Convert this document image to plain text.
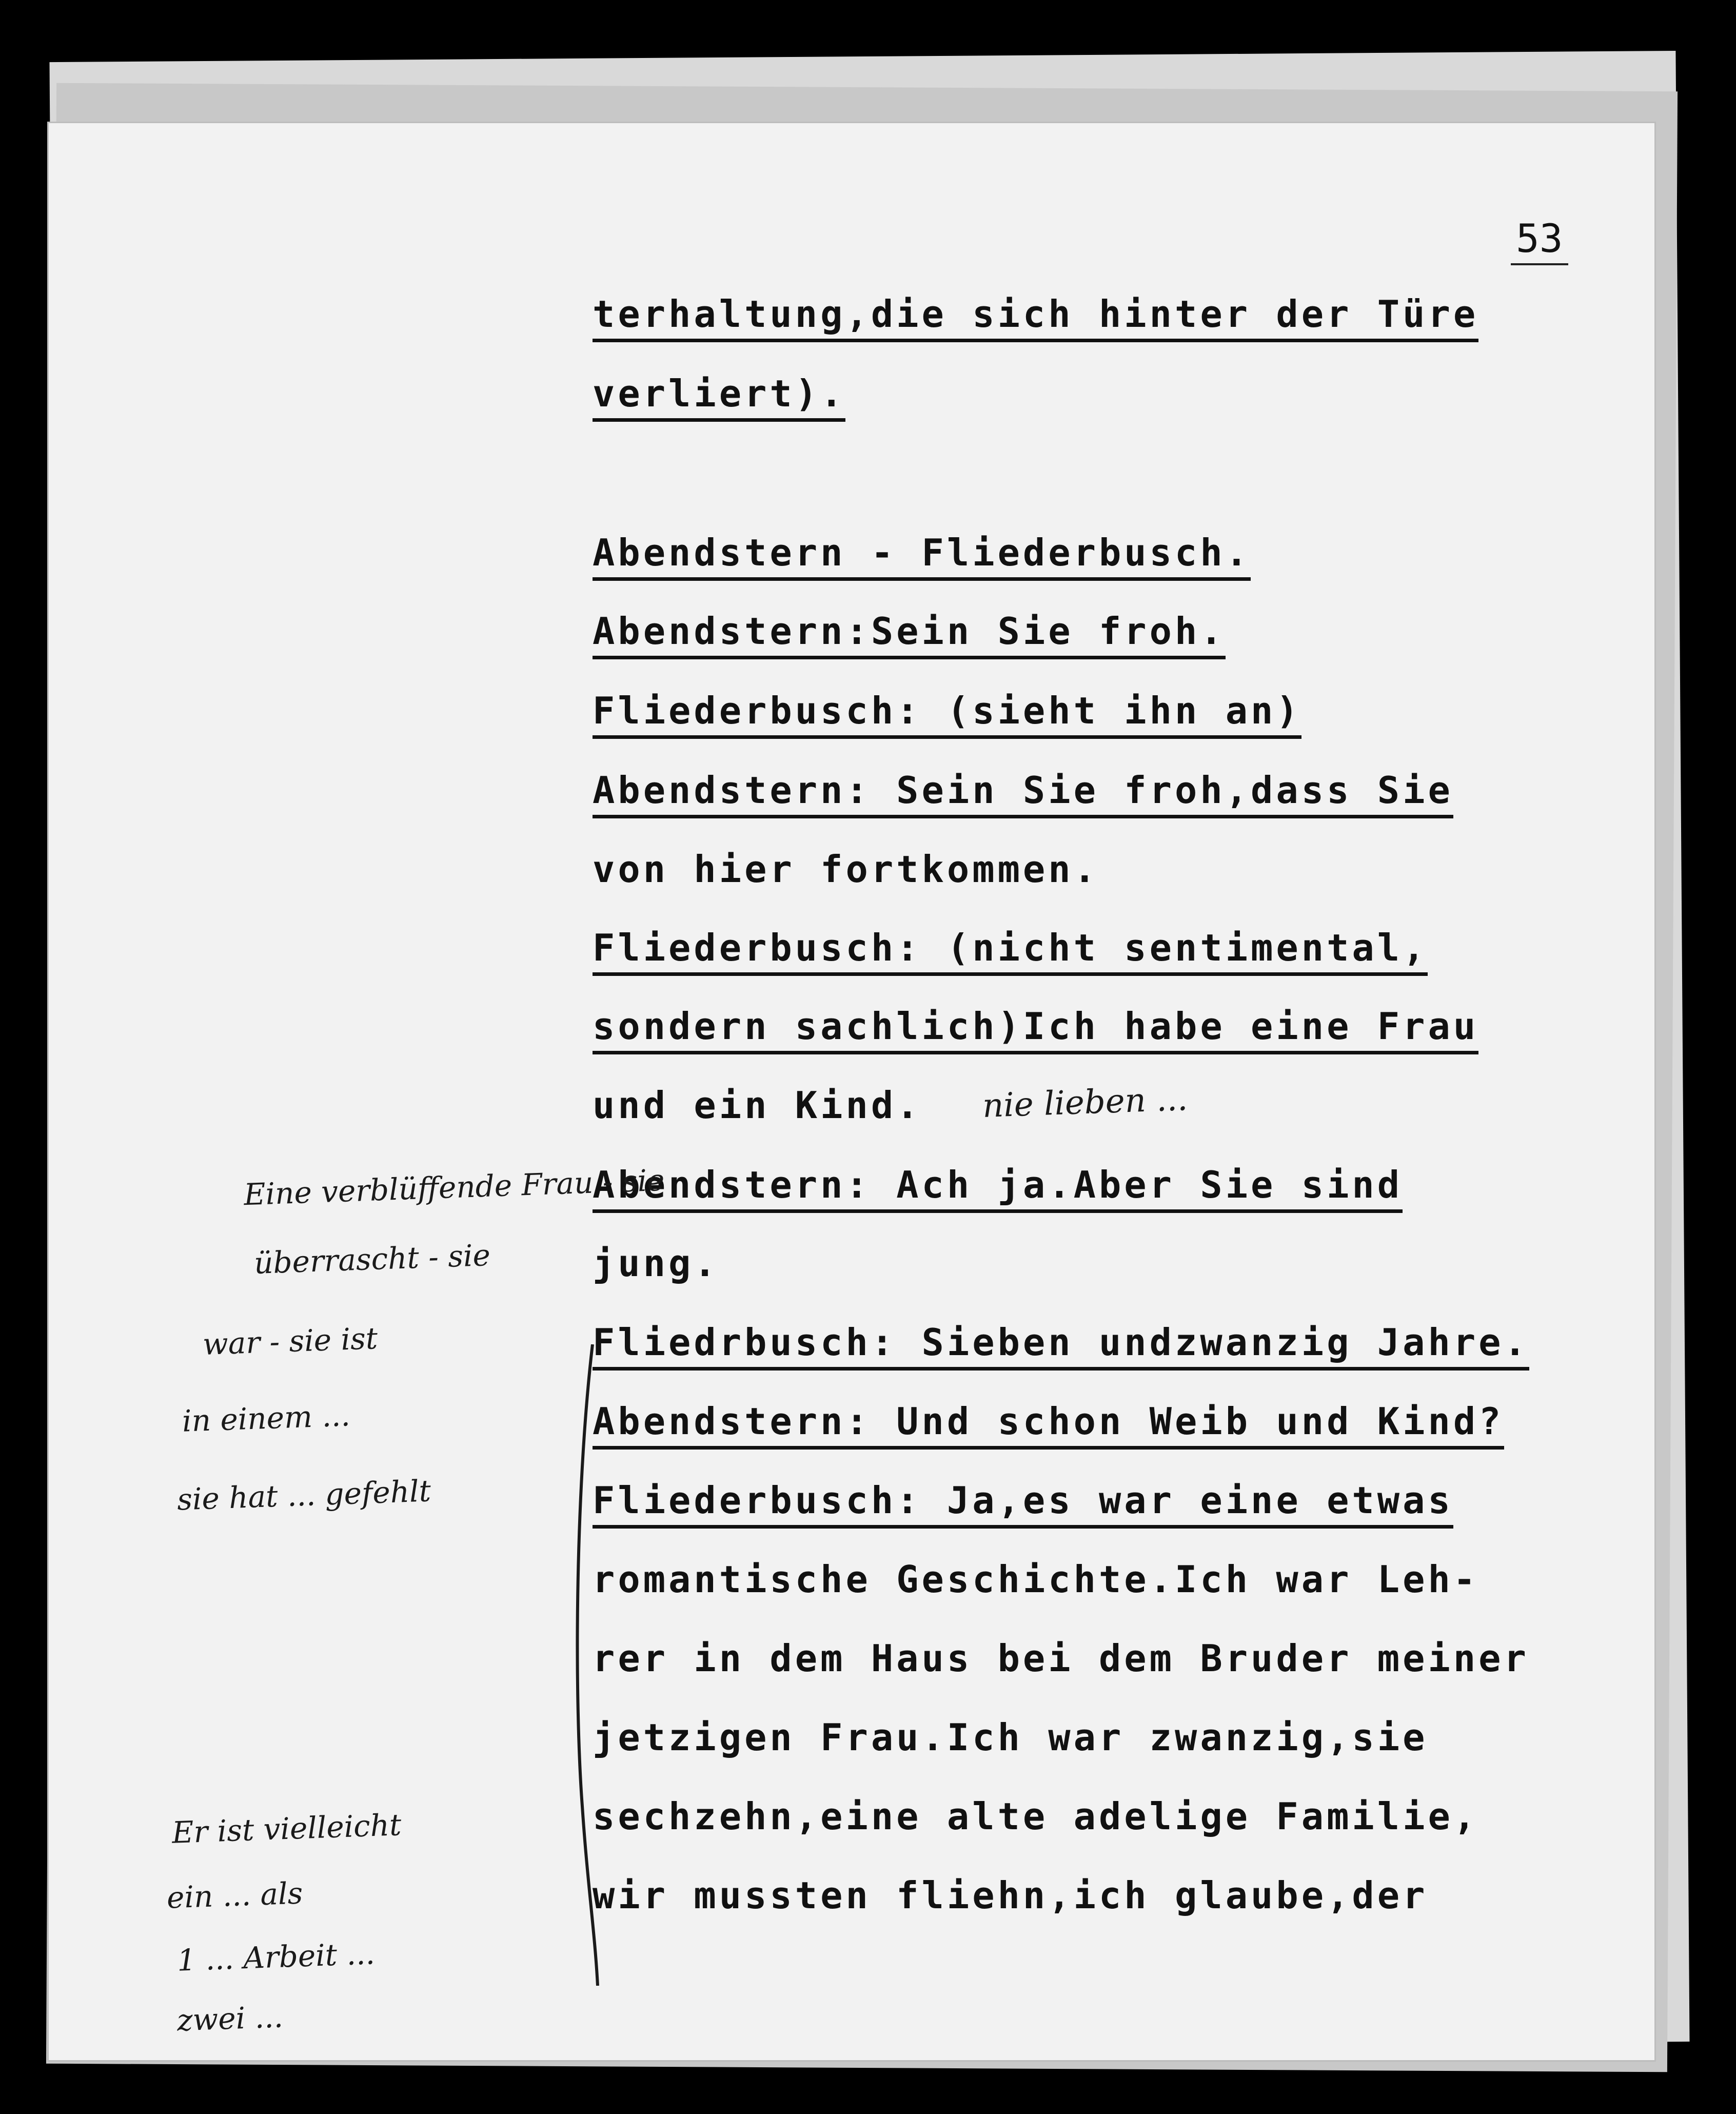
53
terhaltung,die sich hinter der Türe
verliert).
Abendstern - Fliederbusch.
Abendstern:Sein Sie froh.
Fliederbusch: (sieht ihn an)
Abendstern: Sein Sie froh,dass Sie
von hier fortkommen.
Fliederbusch: (nicht sentimental,
sondern sachlich)Ich habe eine Frau
und ein Kind.
Abendstern: Ach ja.Aber Sie sind
jung.
Fliedrbusch: Sieben undzwanzig Jahre.
Abendstern: Und schon Weib und Kind?
Fliederbusch: Ja,es war eine etwas
romantische Geschichte.Ich war Leh-
rer in dem Haus bei dem Bruder meiner
jetzigen Frau.Ich war zwanzig,sie
sechzehn,eine alte adelige Familie,
wir mussten fliehn,ich glaube,der
nie lieben ...
Eine verblüffende Frau - sie
überrascht - sie
war - sie ist
in einem ...
sie hat ... gefehlt
Er ist vielleicht
ein ... als
1 ... Arbeit ...
zwei ...
